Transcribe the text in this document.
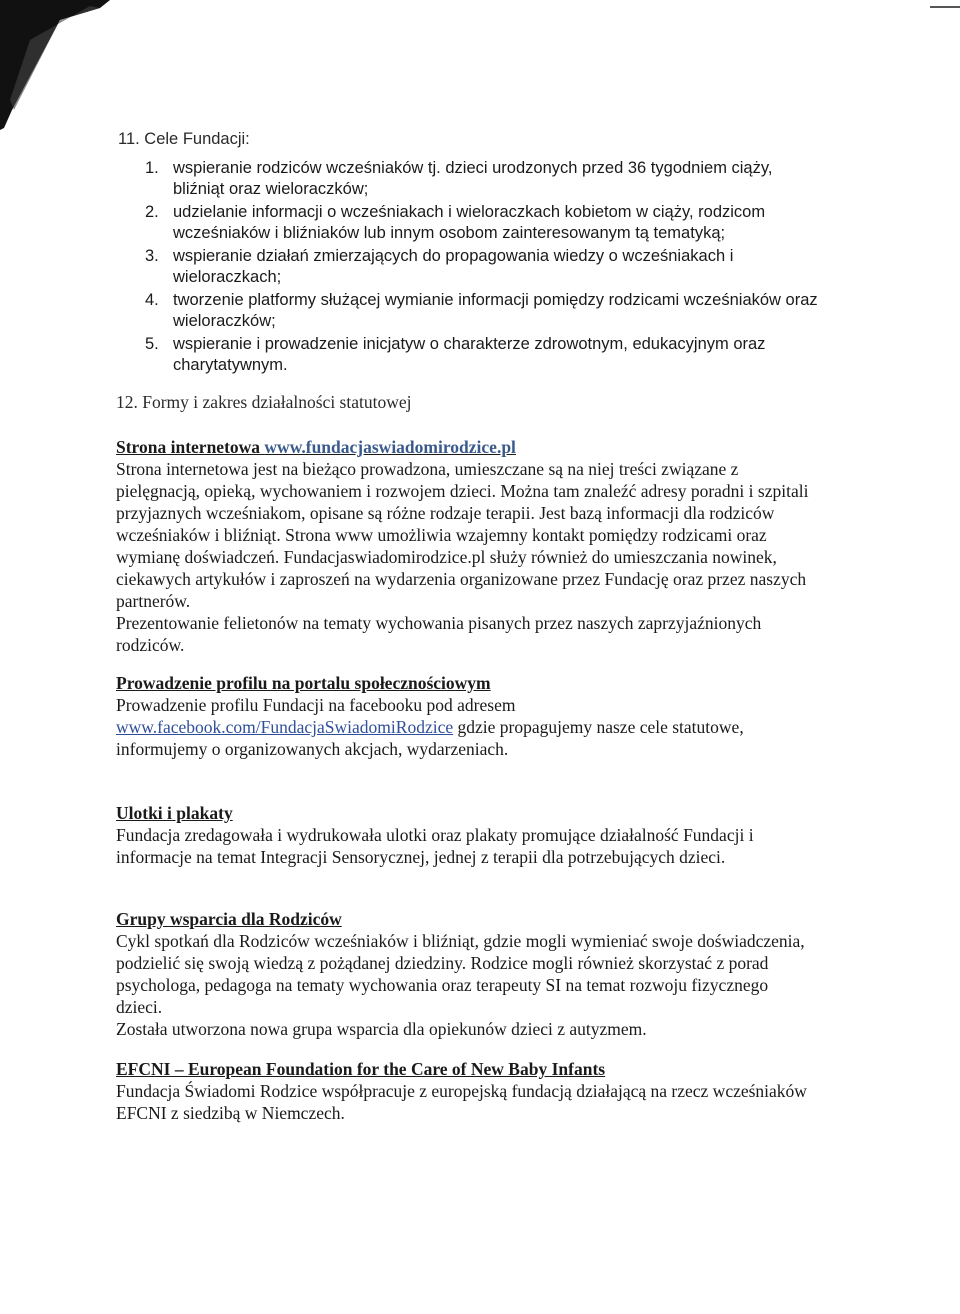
11. Cele Fundacji:
1. wspieranie rodziców wcześniaków tj. dzieci urodzonych przed 36 tygodniem ciąży, bliźniąt oraz wieloraczków;
2. udzielanie informacji o wcześniakach i wieloraczkach kobietom w ciąży, rodzicom wcześniaków i bliźniaków lub innym osobom zainteresowanym tą tematyką;
3. wspieranie działań zmierzających do propagowania wiedzy o wcześniakach i wieloraczkach;
4. tworzenie platformy służącej wymianie informacji pomiędzy rodzicami wcześniaków oraz wieloraczków;
5. wspieranie i prowadzenie inicjatyw o charakterze zdrowotnym, edukacyjnym oraz charytatywnym.
12. Formy i zakres działalności statutowej
Strona internetowa www.fundacjaswiadomirodzice.pl

Strona internetowa jest na bieżąco prowadzona, umieszczane są na niej treści związane z pielęgnacją, opieką, wychowaniem i rozwojem dzieci. Można tam znaleźć adresy poradni i szpitali przyjaznych wcześniakom, opisane są różne rodzaje terapii. Jest bazą informacji dla rodziców wcześniaków i bliźniąt. Strona www umożliwia wzajemny kontakt pomiędzy rodzicami oraz wymianę doświadczeń. Fundacjaswiadomirodzice.pl służy również do umieszczania nowinek, ciekawych artykułów i zaproszeń na wydarzenia organizowane przez Fundację oraz przez naszych partnerów.

Prezentowanie felietonów na tematy wychowania pisanych przez naszych zaprzyjaźnionych rodziców.

Prowadzenie profilu na portalu społecznościowym

Prowadzenie profilu Fundacji na facebooku pod adresem
www.facebook.com/FundacjaSwiadomiRodzice gdzie propagujemy nasze cele statutowe, informujemy o organizowanych akcjach, wydarzeniach.

Ulotki i plakaty

Fundacja zredagowała i wydrukowała ulotki oraz plakaty promujące działalność Fundacji i informacje na temat Integracji Sensorycznej, jednej z terapii dla potrzebujących dzieci.

Grupy wsparcia dla Rodziców

Cykl spotkań dla Rodziców wcześniaków i bliźniąt, gdzie mogli wymieniać swoje doświadczenia, podzielić się swoją wiedzą z pożądanej dziedziny. Rodzice mogli również skorzystać z porad psychologa, pedagoga na tematy wychowania oraz terapeuty SI na temat rozwoju fizycznego dzieci.

Została utworzona nowa grupa wsparcia dla opiekunów dzieci z autyzmem.

EFCNI – European Foundation for the Care of New Baby Infants

Fundacja Świadomi Rodzice współpracuje z europejską fundacją działającą na rzecz wcześniaków EFCNI z siedzibą w Niemczech.
